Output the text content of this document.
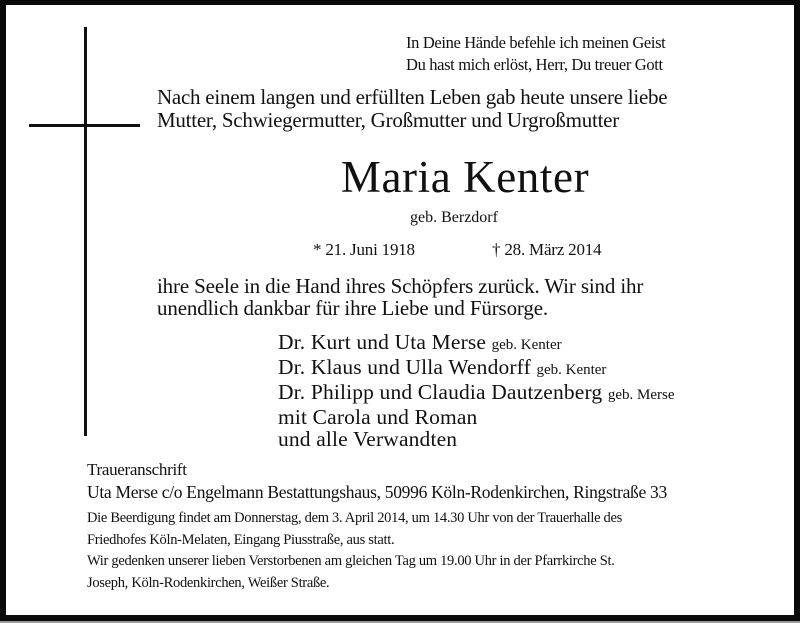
In Deine Hände befehle ich meinen Geist
Du hast mich erlöst, Herr, Du treuer Gott
Nach einem langen und erfüllten Leben gab heute unsere liebe
Mutter, Schwiegermutter, Großmutter und Urgroßmutter
Maria Kenter
geb. Berzdorf
* 21. Juni 1918	† 28. März 2014
ihre Seele in die Hand ihres Schöpfers zurück. Wir sind ihr
unendlich dankbar für ihre Liebe und Fürsorge.
Dr. Kurt und Uta Merse geb. Kenter
Dr. Klaus und Ulla Wendorff geb. Kenter
Dr. Philipp und Claudia Dautzenberg geb. Merse
mit Carola und Roman
und alle Verwandten
Traueranschrift
Uta Merse c/o Engelmann Bestattungshaus, 50996 Köln-Rodenkirchen, Ringstraße 33
Die Beerdigung findet am Donnerstag, dem 3. April 2014, um 14.30 Uhr von der Trauerhalle des
Friedhofes Köln-Melaten, Eingang Piusstraße, aus statt.
Wir gedenken unserer lieben Verstorbenen am gleichen Tag um 19.00 Uhr in der Pfarrkirche St.
Joseph, Köln-Rodenkirchen, Weißer Straße.
